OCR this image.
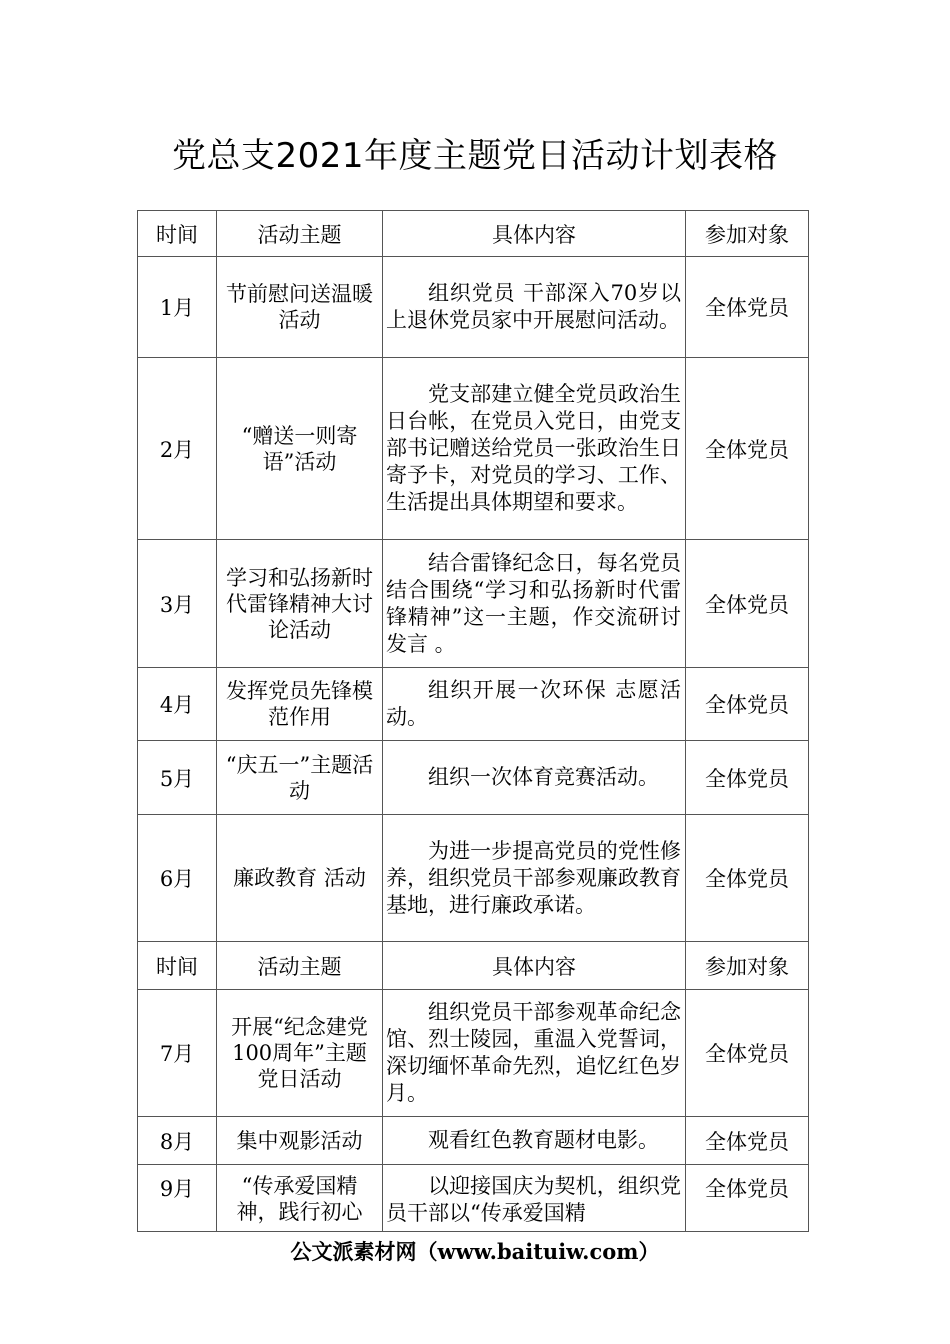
党总支2021年度主题党日活动计划表格
时间	活动主题	具体内容	参加对象
1月	节前慰问送温暖活动	组织党员 干部深入70岁以上退休党员家中开展慰问活动。	全体党员
2月	“赠送一则寄语”活动	党支部建立健全党员政治生日台帐，在党员入党日，由党支部书记赠送给党员一张政治生日寄予卡，对党员的学习、工作、生活提出具体期望和要求。	全体党员
3月	学习和弘扬新时代雷锋精神大讨论活动	结合雷锋纪念日，每名党员结合围绕“学习和弘扬新时代雷锋精神”这一主题，作交流研讨发言 。	全体党员
4月	发挥党员先锋模范作用	组织开展一次环保 志愿活动。	全体党员
5月	“庆五一”主题活动	组织一次体育竞赛活动。	全体党员
6月	廉政教育 活动	为进一步提高党员的党性修养，组织党员干部参观廉政教育基地，进行廉政承诺。	全体党员
时间	活动主题	具体内容	参加对象
7月	开展“纪念建党100周年”主题党日活动	组织党员干部参观革命纪念馆、烈士陵园，重温入党誓词，深切缅怀革命先烈，追忆红色岁月。	全体党员
8月	集中观影活动	观看红色教育题材电影。	全体党员
9月	“传承爱国精神，践行初心	以迎接国庆为契机，组织党员干部以“传承爱国精	全体党员
公文派素材网（www.baituiw.com）
